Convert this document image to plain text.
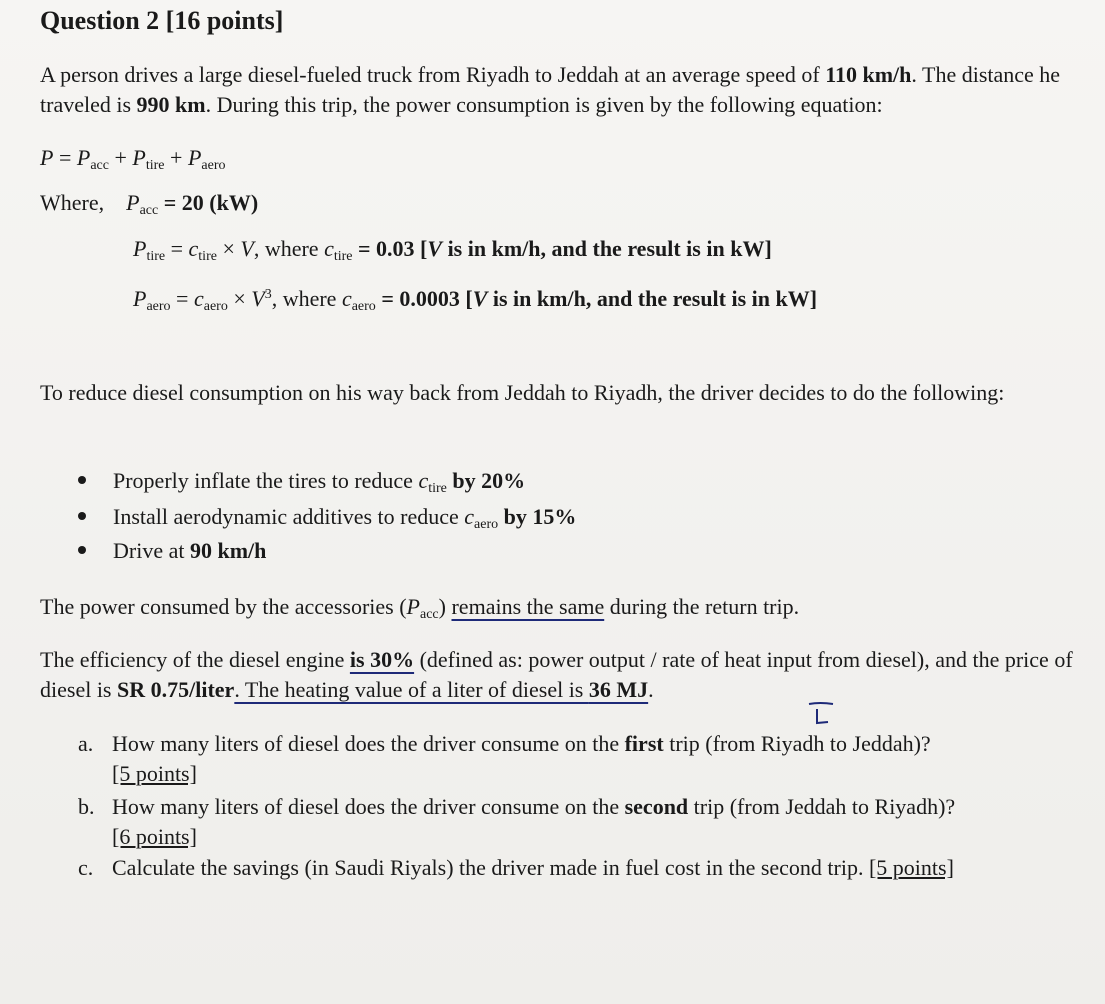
Question 2 [16 points]
A person drives a large diesel-fueled truck from Riyadh to Jeddah at an average speed of 110 km/h. The distance he traveled is 990 km. During this trip, the power consumption is given by the following equation:
$P = P_{acc} + P_{tire} + P_{aero}$
Where, $P_{acc} = 20$ (kW)
$P_{tire} = c_{tire} \times V$, where $c_{tire} = 0.03$ [V is in km/h, and the result is in kW]
$P_{aero} = c_{aero} \times V^3$, where $c_{aero} = 0.0003$ [V is in km/h, and the result is in kW]
To reduce diesel consumption on his way back from Jeddah to Riyadh, the driver decides to do the following:
Properly inflate the tires to reduce $c_{tire}$ by 20%
Install aerodynamic additives to reduce $c_{aero}$ by 15%
Drive at 90 km/h
The power consumed by the accessories $(P_{acc})$ remains the same during the return trip.
The efficiency of the diesel engine is 30% (defined as: power output / rate of heat input from diesel), and the price of diesel is SR 0.75/liter. The heating value of a liter of diesel is 36 MJ.
a. How many liters of diesel does the driver consume on the first trip (from Riyadh to Jeddah)?
[5 points]
b. How many liters of diesel does the driver consume on the second trip (from Jeddah to Riyadh)?
[6 points]
c. Calculate the savings (in Saudi Riyals) the driver made in fuel cost in the second trip. [5 points]
